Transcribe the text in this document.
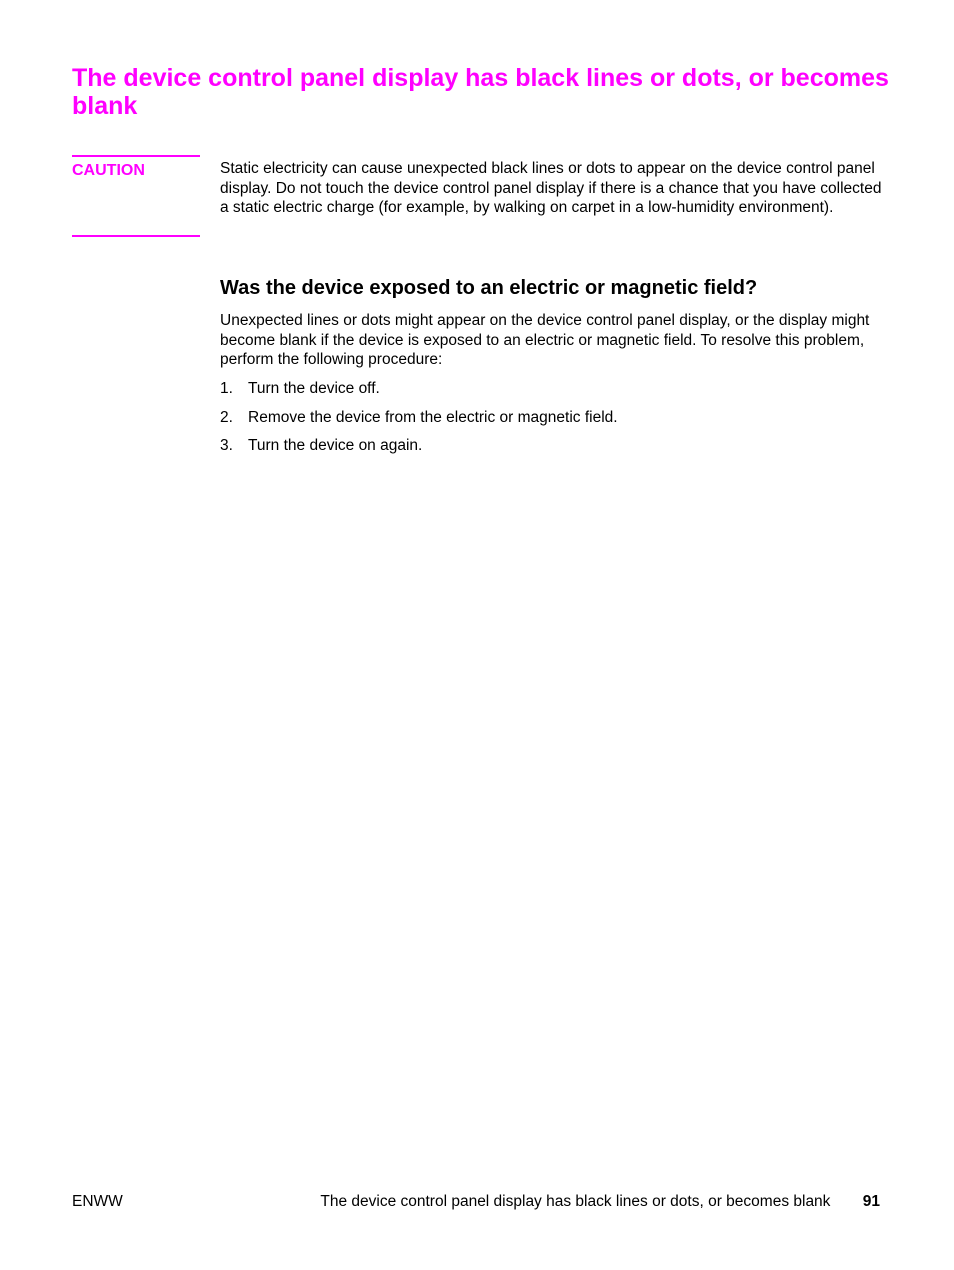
The device control panel display has black lines or dots, or becomes blank
CAUTION	Static electricity can cause unexpected black lines or dots to appear on the device control panel display. Do not touch the device control panel display if there is a chance that you have collected a static electric charge (for example, by walking on carpet in a low-humidity environment).

Was the device exposed to an electric or magnetic field?

Unexpected lines or dots might appear on the device control panel display, or the display might become blank if the device is exposed to an electric or magnetic field. To resolve this problem, perform the following procedure:

1. Turn the device off.
2. Remove the device from the electric or magnetic field.
3. Turn the device on again.
ENWW	The device control panel display has black lines or dots, or becomes blank 91
